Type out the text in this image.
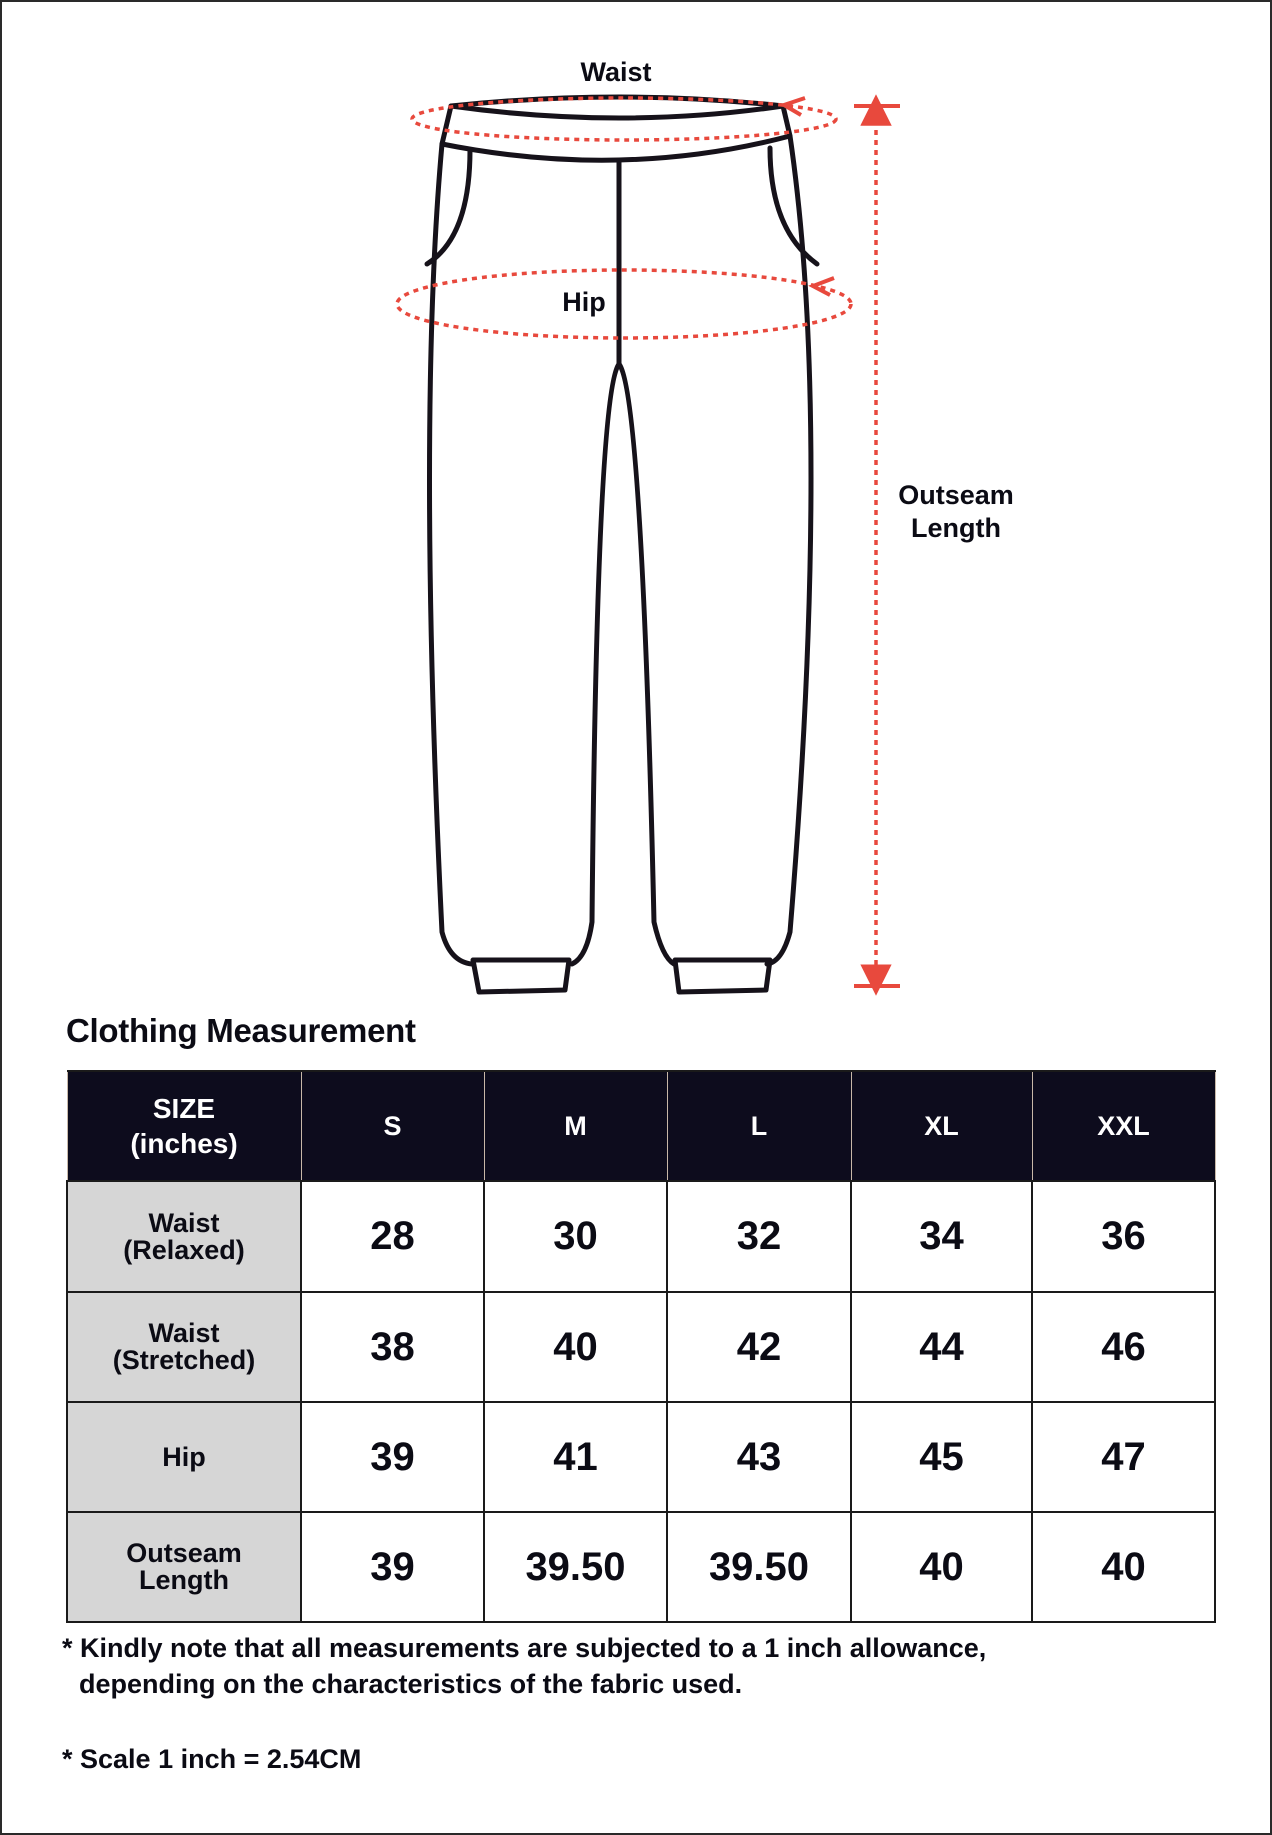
Waist
Hip
Outseam
Length
Clothing Measurement
SIZE
(inches)	S	M	L	XL	XXL
Waist
(Relaxed)	28	30	32	34	36
Waist
(Stretched)	38	40	42	44	46
Hip	39	41	43	45	47
Outseam
Length	39	39.50	39.50	40	40

* Kindly note that all measurements are subjected to a 1 inch allowance,
depending on the characteristics of the fabric used.

* Scale 1 inch = 2.54CM
